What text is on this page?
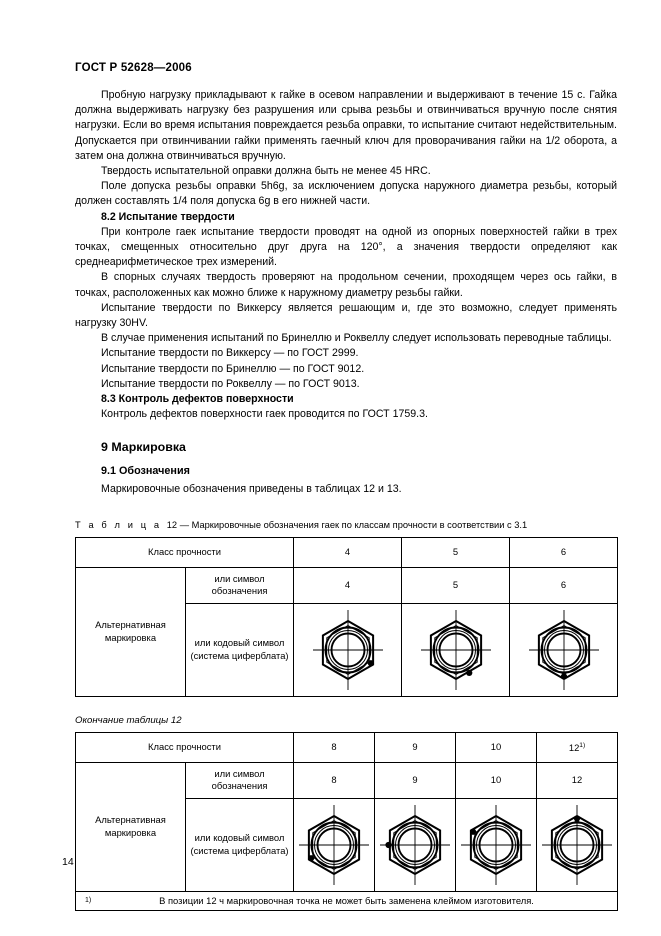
ГОСТ Р 52628—2006

Пробную нагрузку прикладывают к гайке в осевом направлении и выдерживают в течение 15 с. Гайка должна выдерживать нагрузку без разрушения или срыва резьбы и отвинчиваться вручную после снятия нагрузки. Если во время испытания повреждается резьба оправки, то испытание считают недействительным. Допускается при отвинчивании гайки применять гаечный ключ для проворачивания гайки на 1/2 оборота, а затем она должна отвинчиваться вручную.

Твердость испытательной оправки должна быть не менее 45 HRC.

Поле допуска резьбы оправки 5h6g, за исключением допуска наружного диаметра резьбы, который должен составлять 1/4 поля допуска 6g в его нижней части.

8.2 Испытание твердости

При контроле гаек испытание твердости проводят на одной из опорных поверхностей гайки в трех точках, смещенных относительно друг друга на 120°, а значения твердости определяют как среднеарифметическое трех измерений.

В спорных случаях твердость проверяют на продольном сечении, проходящем через ось гайки, в точках, расположенных как можно ближе к наружному диаметру резьбы гайки.

Испытание твердости по Виккерсу является решающим и, где это возможно, следует применять нагрузку 30HV.

В случае применения испытаний по Бринеллю и Роквеллу следует использовать переводные таблицы.

Испытание твердости по Виккерсу — по ГОСТ 2999.

Испытание твердости по Бринеллю — по ГОСТ 9012.

Испытание твердости по Роквеллу — по ГОСТ 9013.

8.3 Контроль дефектов поверхности

Контроль дефектов поверхности гаек проводится по ГОСТ 1759.3.

9 Маркировка
9.1 Обозначения

Маркировочные обозначения приведены в таблицах 12 и 13.

Т а б л и ц а 12 — Маркировочные обозначения гаек по классам прочности в соответствии с 3.1
Класс прочности		4	5	6
Альтернативная маркировка	или символ обозначения	4	5	6
	или кодовый символ (система циферблата)	

Окончание таблицы 12
Класс прочности		8	9	10	12$^{1)}$
Альтернативная маркировка	или символ обозначения	8	9	10	12
	или кодовый символ (система циферблата)	

1) В позиции 12 ч маркировочная точка не может быть заменена клеймом изготовителя.					
14
